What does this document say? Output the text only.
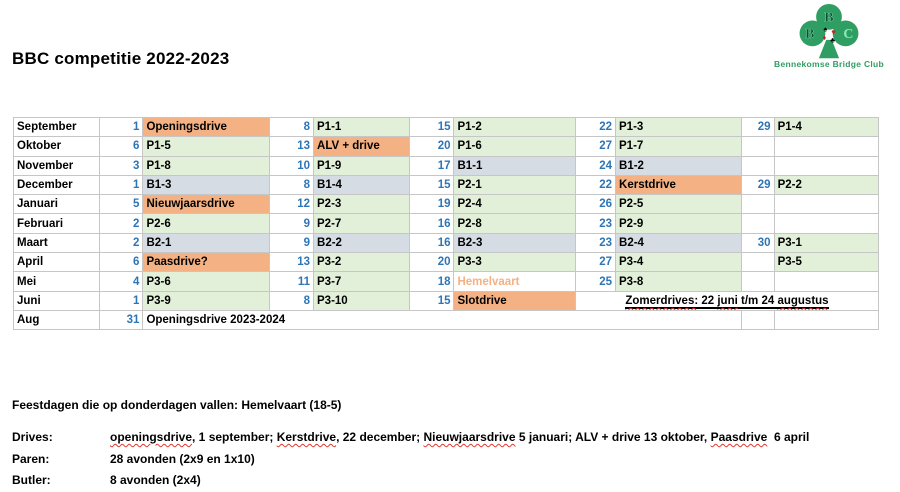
BBC competitie 2022-2023
B
B C
♠ ♥
♦ ♣
Bennekomse Bridge Club
September	1	Openingsdrive	8	P1-1	15	P1-2	22	P1-3	29	P1-4
Oktober	6	P1-5	13	ALV + drive	20	P1-6	27	P1-7		
November	3	P1-8	10	P1-9	17	B1-1	24	B1-2		
December	1	B1-3	8	B1-4	15	P2-1	22	Kerstdrive	29	P2-2
Januari	5	Nieuwjaarsdrive	12	P2-3	19	P2-4	26	P2-5		
Februari	2	P2-6	9	P2-7	16	P2-8	23	P2-9		
Maart	2	B2-1	9	B2-2	16	B2-3	23	B2-4	30	P3-1
April	6	Paasdrive?	13	P3-2	20	P3-3	27	P3-4		P3-5
Mei	4	P3-6	11	P3-7	18	Hemelvaart	25	P3-8		
Juni	1	P3-9	8	P3-10	15	Slotdrive	Zomerdrives: 22 juni t/m 24 augustus			
Aug	31	Openingsdrive 2023-2024								
Feestdagen die op donderdagen vallen: Hemelvaart (18-5)
Drives:	openingsdrive, 1 september; Kerstdrive, 22 december; Nieuwjaarsdrive 5 januari; ALV + drive 13 oktober, Paasdrive  6 april
Paren:	28 avonden (2x9 en 1x10)
Butler:	8 avonden (2x4)
